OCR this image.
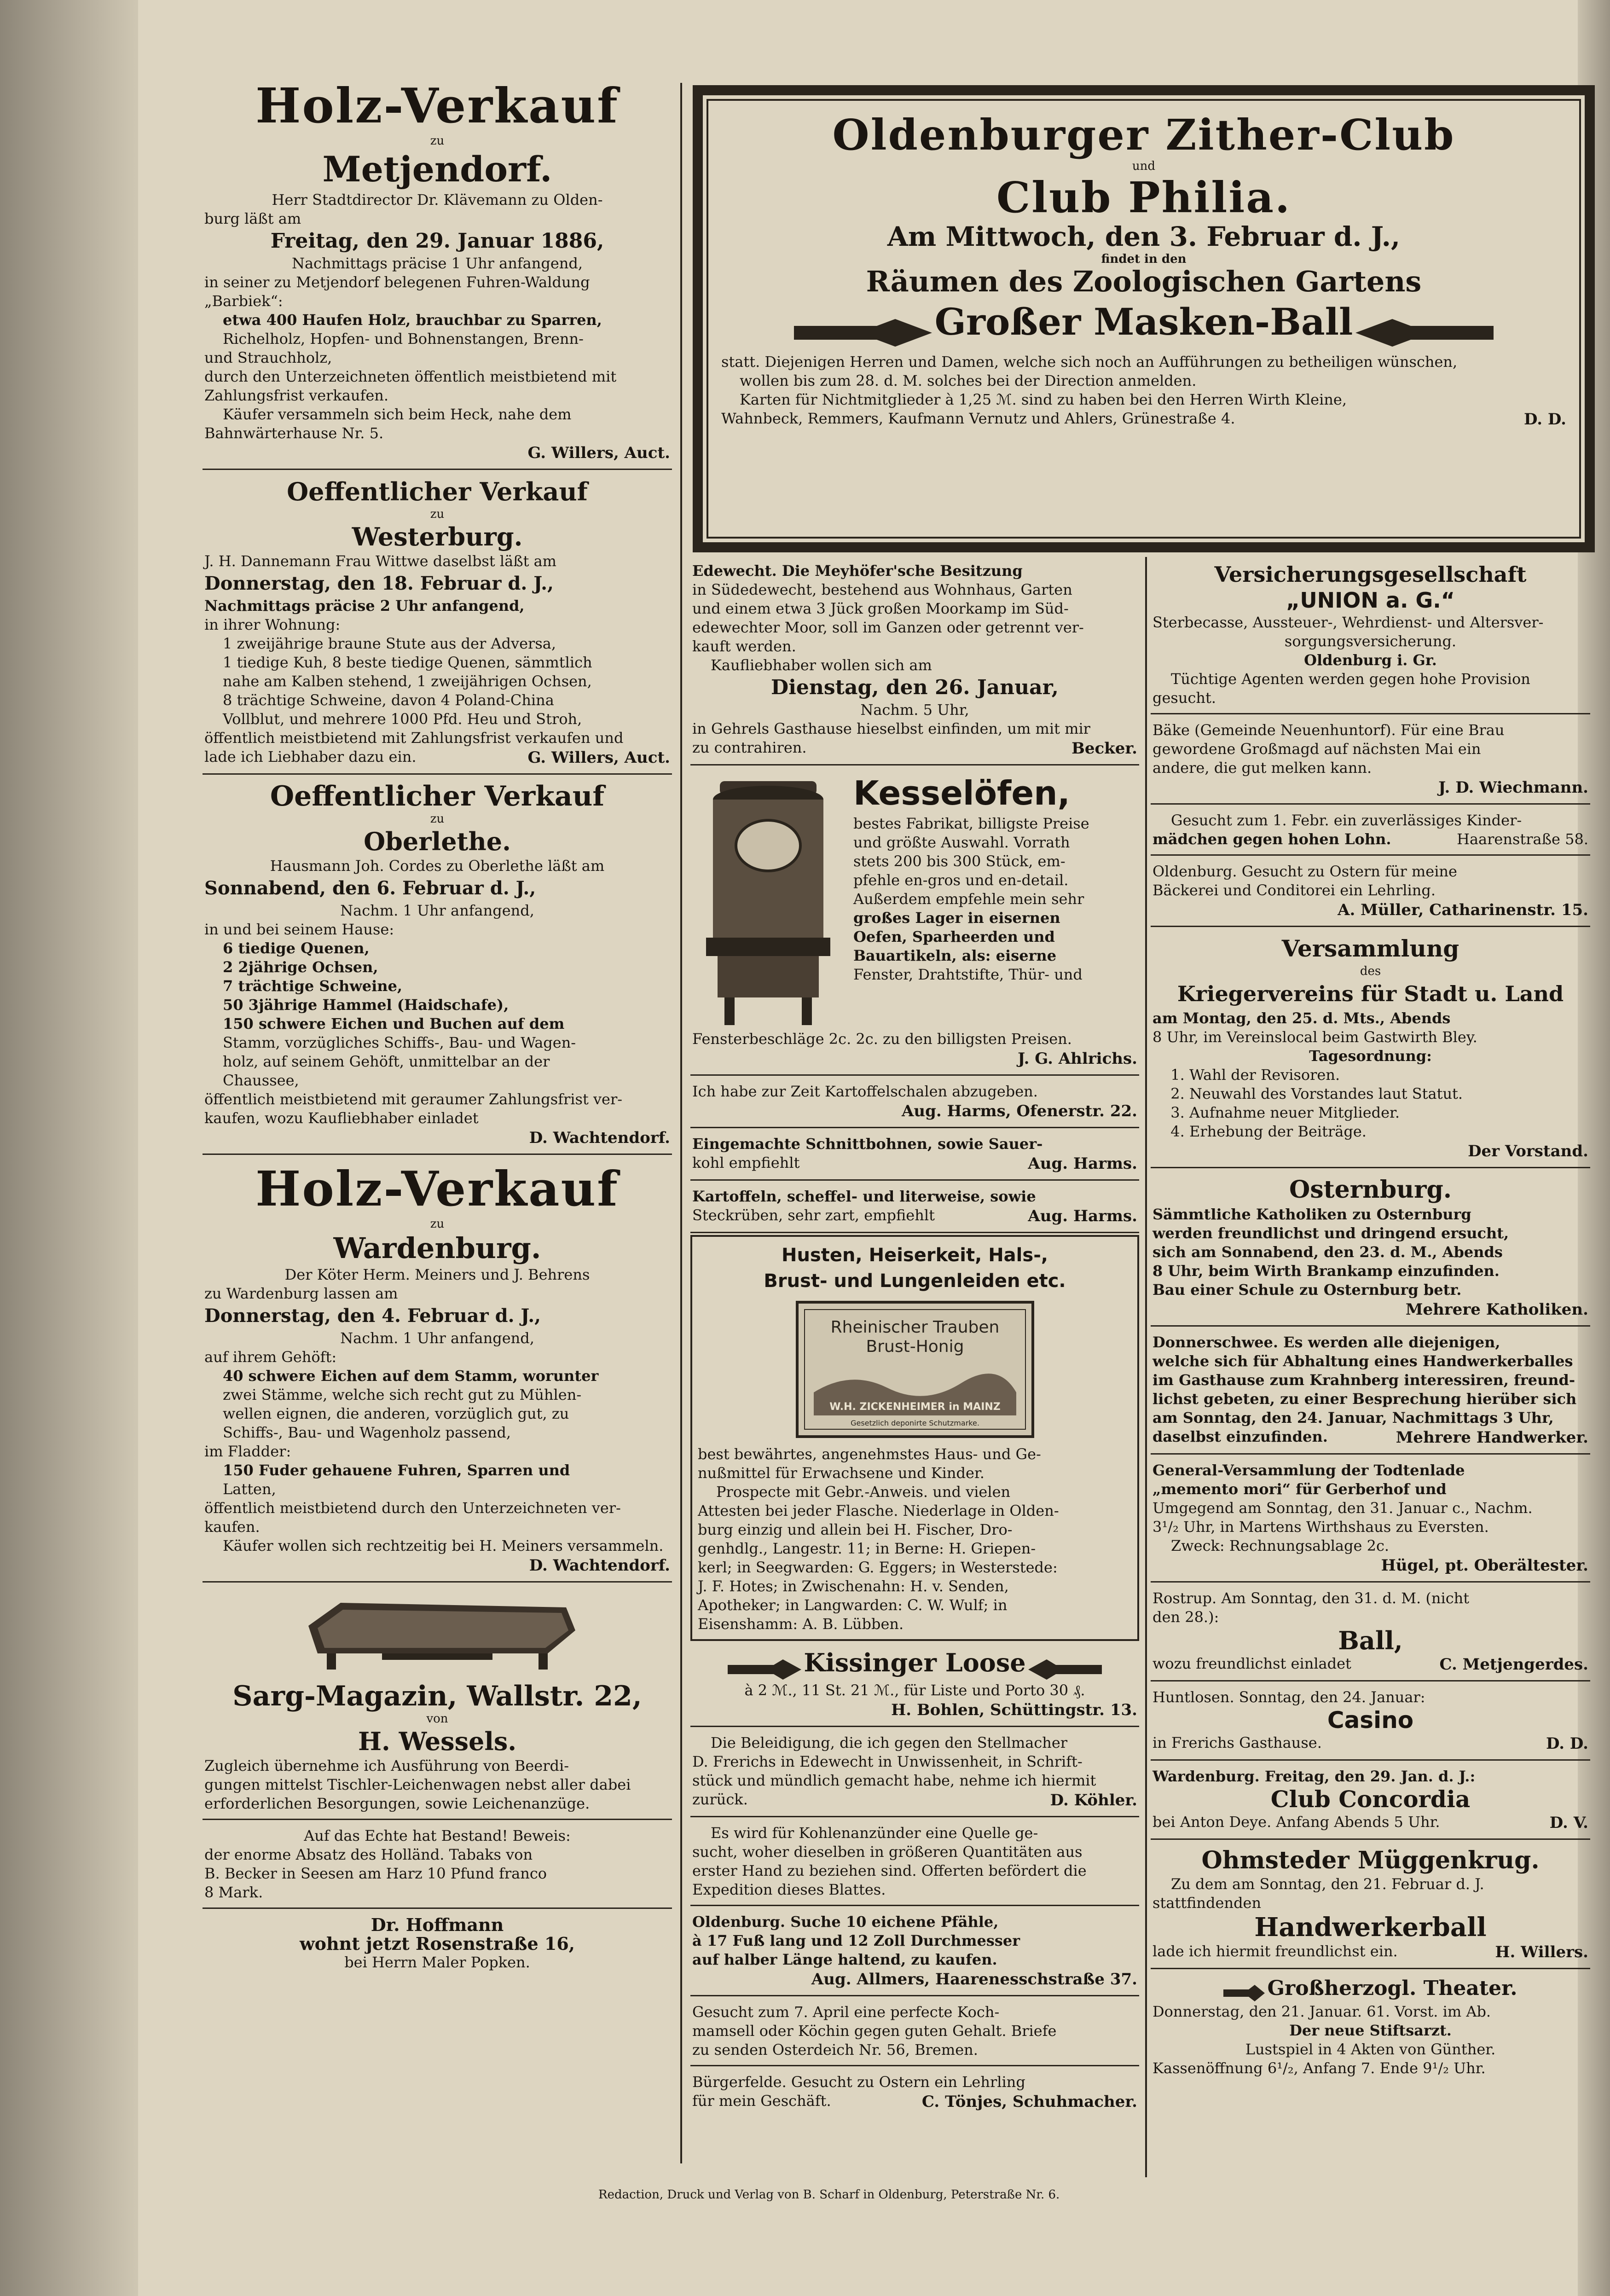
Holz-Verkauf

zu

Metjendorf.

Herr Stadtdirector Dr. Klävemann zu Olden-

burg läßt am

Freitag, den 29. Januar 1886,

Nachmittags präcise 1 Uhr anfangend,

in seiner zu Metjendorf belegenen Fuhren-Waldung

„Barbiek“:

etwa 400 Haufen Holz, brauchbar zu Sparren,

Richelholz, Hopfen- und Bohnenstangen, Brenn-

und Strauchholz,

durch den Unterzeichneten öffentlich meistbietend mit

Zahlungsfrist verkaufen.

Käufer versammeln sich beim Heck, nahe dem

Bahnwärterhause Nr. 5.

G. Willers, Auct.

Oeffentlicher Verkauf

zu

Westerburg.

J. H. Dannemann Frau Wittwe daselbst läßt am

Donnerstag, den 18. Februar d. J.,

Nachmittags präcise 2 Uhr anfangend,

in ihrer Wohnung:

1 zweijährige braune Stute aus der Adversa,

1 tiedige Kuh, 8 beste tiedige Quenen, sämmtlich

nahe am Kalben stehend, 1 zweijährigen Ochsen,

8 trächtige Schweine, davon 4 Poland-China

Vollblut, und mehrere 1000 Pfd. Heu und Stroh,

öffentlich meistbietend mit Zahlungsfrist verkaufen und

lade ich Liebhaber dazu ein.	G. Willers, Auct.

Oeffentlicher Verkauf

zu

Oberlethe.

Hausmann Joh. Cordes zu Oberlethe läßt am

Sonnabend, den 6. Februar d. J.,

Nachm. 1 Uhr anfangend,

in und bei seinem Hause:

6 tiedige Quenen,

2 2jährige Ochsen,

7 trächtige Schweine,

50 3jährige Hammel (Haidschafe),

150 schwere Eichen und Buchen auf dem

Stamm, vorzügliches Schiffs-, Bau- und Wagen-

holz, auf seinem Gehöft, unmittelbar an der

Chaussee,

öffentlich meistbietend mit geraumer Zahlungsfrist ver-

kaufen, wozu Kaufliebhaber einladet

D. Wachtendorf.

Holz-Verkauf

zu

Wardenburg.

Der Köter Herm. Meiners und J. Behrens

zu Wardenburg lassen am

Donnerstag, den 4. Februar d. J.,

Nachm. 1 Uhr anfangend,

auf ihrem Gehöft:

40 schwere Eichen auf dem Stamm, worunter

zwei Stämme, welche sich recht gut zu Mühlen-

wellen eignen, die anderen, vorzüglich gut, zu

Schiffs-, Bau- und Wagenholz passend,

im Fladder:

150 Fuder gehauene Fuhren, Sparren und

Latten,

öffentlich meistbietend durch den Unterzeichneten ver-

kaufen.

Käufer wollen sich rechtzeitig bei H. Meiners versammeln.

D. Wachtendorf.

Sarg-Magazin, Wallstr. 22,

von

H. Wessels.

Zugleich übernehme ich Ausführung von Beerdi-

gungen mittelst Tischler-Leichenwagen nebst aller dabei

erforderlichen Besorgungen, sowie Leichenanzüge.

Auf das Echte hat Bestand! Beweis:

der enorme Absatz des Holländ. Tabaks von

B. Becker in Seesen am Harz 10 Pfund franco

8 Mark.

Dr. Hoffmann

wohnt jetzt Rosenstraße 16,

bei Herrn Maler Popken.

Oldenburger Zither-Club

und

Club Philia.

Am Mittwoch, den 3. Februar d. J.,

findet in den

Räumen des Zoologischen Gartens

Großer Masken-Ball

statt. Diejenigen Herren und Damen, welche sich noch an Aufführungen zu betheiligen wünschen,

wollen bis zum 28. d. M. solches bei der Direction anmelden.

Karten für Nichtmitglieder à 1,25 ℳ. sind zu haben bei den Herren Wirth Kleine,

Wahnbeck, Remmers, Kaufmann Vernutz und Ahlers, Grünestraße 4.	D. D.

Edewecht. Die Meyhöfer'sche Besitzung

in Südedewecht, bestehend aus Wohnhaus, Garten

und einem etwa 3 Jück großen Moorkamp im Süd-

edewechter Moor, soll im Ganzen oder getrennt ver-

kauft werden.

Kaufliebhaber wollen sich am

Dienstag, den 26. Januar,

Nachm. 5 Uhr,

in Gehrels Gasthause hieselbst einfinden, um mit mir

zu contrahiren.	Becker.

Kesselöfen,

bestes Fabrikat, billigste Preise

und größte Auswahl. Vorrath

stets 200 bis 300 Stück, em-

pfehle en-gros und en-detail.

Außerdem empfehle mein sehr

großes Lager in eisernen

Oefen, Sparheerden und

Bauartikeln, als: eiserne

Fenster, Drahtstifte, Thür- und

Fensterbeschläge 2c. 2c. zu den billigsten Preisen.

J. G. Ahlrichs.

Ich habe zur Zeit Kartoffelschalen abzugeben.

Aug. Harms, Ofenerstr. 22.

Eingemachte Schnittbohnen, sowie Sauer-

kohl empfiehlt	Aug. Harms.

Kartoffeln, scheffel- und literweise, sowie

Steckrüben, sehr zart, empfiehlt	Aug. Harms.

Husten, Heiserkeit, Hals-,

Brust- und Lungenleiden etc.

Rheinischer Trauben
Brust-Honig
W.H. ZICKENHEIMER in MAINZ
Gesetzlich deponirte Schutzmarke.

best bewährtes, angenehmstes Haus- und Ge-

nußmittel für Erwachsene und Kinder.

Prospecte mit Gebr.-Anweis. und vielen

Attesten bei jeder Flasche. Niederlage in Olden-

burg einzig und allein bei H. Fischer, Dro-

genhdlg., Langestr. 11; in Berne: H. Griepen-

kerl; in Seegwarden: G. Eggers; in Westerstede:

J. F. Hotes; in Zwischenahn: H. v. Senden,

Apotheker; in Langwarden: C. W. Wulf; in

Eisenshamm: A. B. Lübben.

Kissinger Loose

à 2 ℳ., 11 St. 21 ℳ., für Liste und Porto 30 ₰.

H. Bohlen, Schüttingstr. 13.

Die Beleidigung, die ich gegen den Stellmacher

D. Frerichs in Edewecht in Unwissenheit, in Schrift-

stück und mündlich gemacht habe, nehme ich hiermit

zurück.	D. Köhler.

Es wird für Kohlenanzünder eine Quelle ge-

sucht, woher dieselben in größeren Quantitäten aus

erster Hand zu beziehen sind. Offerten befördert die

Expedition dieses Blattes.

Oldenburg. Suche 10 eichene Pfähle,

à 17 Fuß lang und 12 Zoll Durchmesser

auf halber Länge haltend, zu kaufen.

Aug. Allmers, Haarenesschstraße 37.

Gesucht zum 7. April eine perfecte Koch-

mamsell oder Köchin gegen guten Gehalt. Briefe

zu senden Osterdeich Nr. 56, Bremen.

Bürgerfelde. Gesucht zu Ostern ein Lehrling

für mein Geschäft.	C. Tönjes, Schuhmacher.

Versicherungsgesellschaft

„UNION a. G.“

Sterbecasse, Aussteuer-, Wehrdienst- und Altersver-

sorgungsversicherung.

Oldenburg i. Gr.

Tüchtige Agenten werden gegen hohe Provision

gesucht.

Bäke (Gemeinde Neuenhuntorf). Für eine Brau

gewordene Großmagd auf nächsten Mai ein

andere, die gut melken kann.

J. D. Wiechmann.

Gesucht zum 1. Febr. ein zuverlässiges Kinder-

mädchen gegen hohen Lohn.	Haarenstraße 58.

Oldenburg. Gesucht zu Ostern für meine

Bäckerei und Conditorei ein Lehrling.

A. Müller, Catharinenstr. 15.

Versammlung

des

Kriegervereins für Stadt u. Land

am Montag, den 25. d. Mts., Abends

8 Uhr, im Vereinslocal beim Gastwirth Bley.

Tagesordnung:

1. Wahl der Revisoren.
2. Neuwahl des Vorstandes laut Statut.
3. Aufnahme neuer Mitglieder.
4. Erhebung der Beiträge.

Der Vorstand.

Osternburg.

Sämmtliche Katholiken zu Osternburg

werden freundlichst und dringend ersucht,

sich am Sonnabend, den 23. d. M., Abends

8 Uhr, beim Wirth Brankamp einzufinden.

Bau einer Schule zu Osternburg betr.

Mehrere Katholiken.

Donnerschwee. Es werden alle diejenigen,

welche sich für Abhaltung eines Handwerkerballes

im Gasthause zum Krahnberg interessiren, freund-

lichst gebeten, zu einer Besprechung hierüber sich

am Sonntag, den 24. Januar, Nachmittags 3 Uhr,

daselbst einzufinden.	Mehrere Handwerker.

General-Versammlung der Todtenlade

„memento mori“ für Gerberhof und

Umgegend am Sonntag, den 31. Januar c., Nachm.

3¹/₂ Uhr, in Martens Wirthshaus zu Eversten.

Zweck: Rechnungsablage 2c.

Hügel, pt. Oberältester.

Rostrup. Am Sonntag, den 31. d. M. (nicht

den 28.):

Ball,

wozu freundlichst einladet	C. Metjengerdes.

Huntlosen. Sonntag, den 24. Januar:

Casino

in Frerichs Gasthause.	D. D.

Wardenburg. Freitag, den 29. Jan. d. J.:

Club Concordia

bei Anton Deye. Anfang Abends 5 Uhr.	D. V.

Ohmsteder Müggenkrug.

Zu dem am Sonntag, den 21. Februar d. J.

stattfindenden

Handwerkerball

lade ich hiermit freundlichst ein.	H. Willers.

Großherzogl. Theater.

Donnerstag, den 21. Januar. 61. Vorst. im Ab.

Der neue Stiftsarzt.

Lustspiel in 4 Akten von Günther.

Kassenöffnung 6¹/₂, Anfang 7. Ende 9¹/₂ Uhr.

Redaction, Druck und Verlag von B. Scharf in Oldenburg, Peterstraße Nr. 6.
